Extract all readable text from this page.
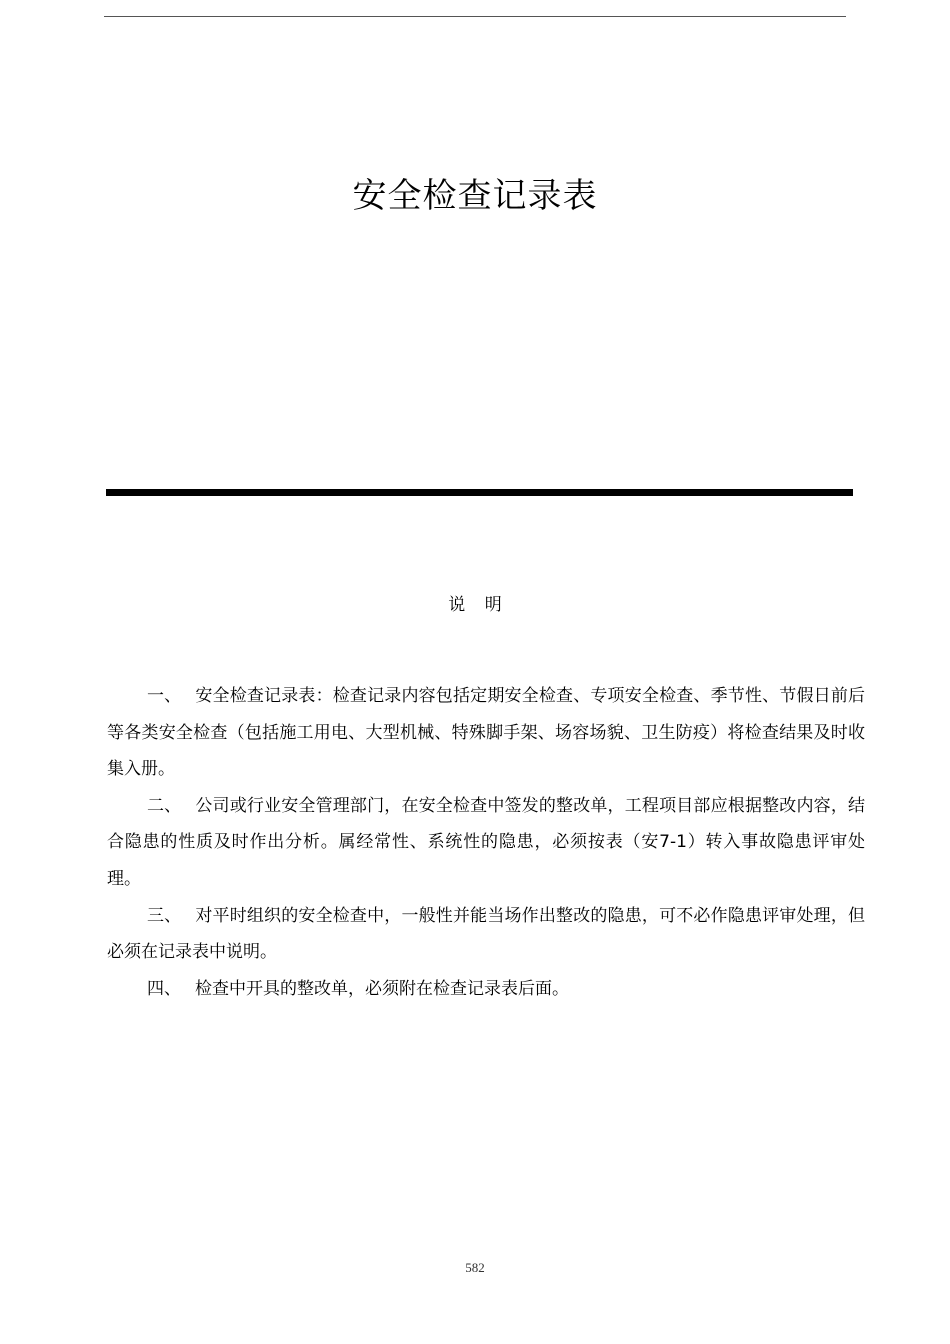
安全检查记录表
说 明

一、 安全检查记录表：检查记录内容包括定期安全检查、专项安全检查、季节性、节假日前后等各类安全检查（包括施工用电、大型机械、特殊脚手架、场容场貌、卫生防疫）将检查结果及时收集入册。

二、 公司或行业安全管理部门，在安全检查中签发的整改单，工程项目部应根据整改内容，结合隐患的性质及时作出分析。属经常性、系统性的隐患，必须按表（安7-1）转入事故隐患评审处理。

三、 对平时组织的安全检查中，一般性并能当场作出整改的隐患，可不必作隐患评审处理，但必须在记录表中说明。

四、 检查中开具的整改单，必须附在检查记录表后面。

582
